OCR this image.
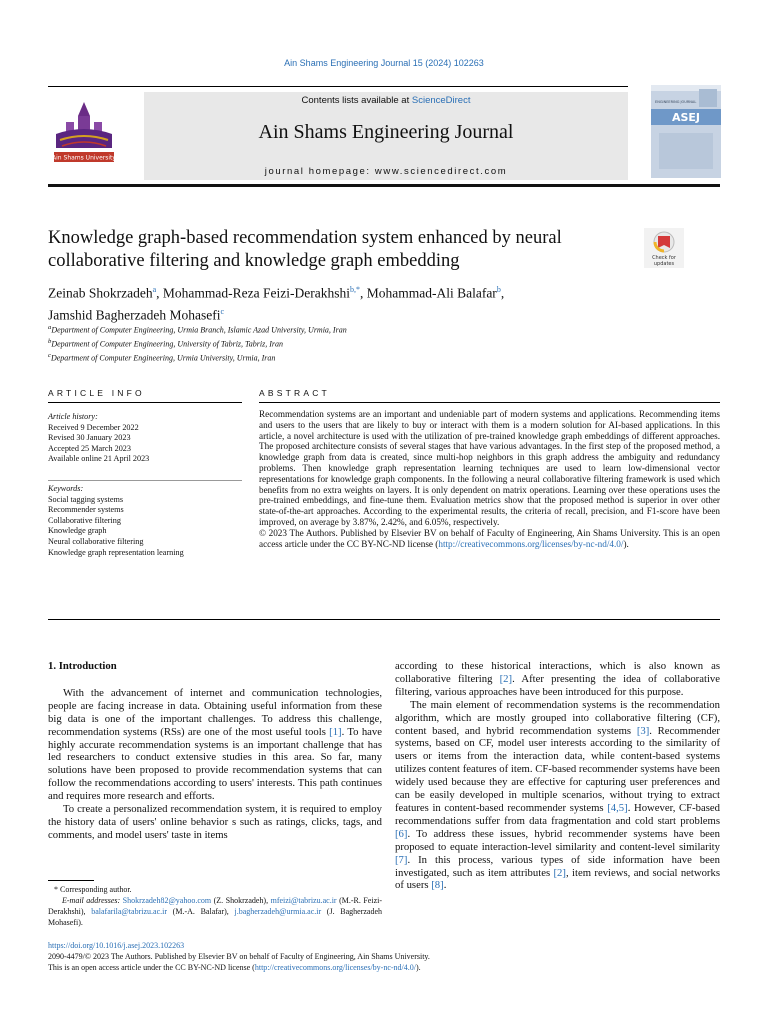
Ain Shams Engineering Journal 15 (2024) 102263
Ain Shams University
Contents lists available at ScienceDirect
Ain Shams Engineering Journal
journal homepage: www.sciencedirect.com
ENGINEERING JOURNAL
ASEJ
Knowledge graph-based recommendation system enhanced by neural collaborative filtering and knowledge graph embedding	Check for
updates
Zeinab Shokrzadeh$^a$, Mohammad-Reza Feizi-Derakhshi$^{b,*}$, Mohammad-Ali Balafar$^b$,
Jamshid Bagherzadeh Mohasefi$^c$
$^a$Department of Computer Engineering, Urmia Branch, Islamic Azad University, Urmia, Iran
$^b$Department of Computer Engineering, University of Tabriz, Tabriz, Iran
$^c$Department of Computer Engineering, Urmia University, Urmia, Iran
ARTICLE INFO	ABSTRACT
Article history:
Received 9 December 2022
Revised 30 January 2023
Accepted 25 March 2023
Available online 21 April 2023
Keywords:
Social tagging systems
Recommender systems
Collaborative filtering
Knowledge graph
Neural collaborative filtering
Knowledge graph representation learning
Recommendation systems are an important and undeniable part of modern systems and applications. Recommending items and users to the users that are likely to buy or interact with them is a modern solution for AI-based applications. In this article, a novel architecture is used with the utilization of pre-trained knowledge graph embeddings of different approaches. The proposed architecture consists of several stages that have various advantages. In the first step of the proposed method, a knowledge graph from data is created, since multi-hop neighbors in this graph address the ambiguity and redundancy problems. Then knowledge graph representation learning techniques are used to learn low-dimensional vector representations for knowledge graph components. In the following a neural collaborative filtering framework is used which benefits from no extra weights on layers. It is only dependent on matrix operations. Learning over these operations uses the pre-trained embeddings, and fine-tune them. Evaluation metrics show that the proposed method is superior in over other state-of-the-art approaches. According to the experimental results, the criteria of recall, precision, and F1-score have been improved, on average by 3.87%, 2.42%, and 6.05%, respectively.
© 2023 The Authors. Published by Elsevier BV on behalf of Faculty of Engineering, Ain Shams University. This is an open access article under the CC BY-NC-ND license (http://creativecommons.org/licenses/by-nc-nd/4.0/).
1. Introduction

With the advancement of internet and communication technologies, people are facing increase in data. Obtaining useful information from these big data is one of the important challenges. To address this challenge, recommendation systems (RSs) are one of the most useful tools [1]. To have highly accurate recommendation systems is an important challenge that has led researchers to conduct extensive studies in this area. So far, many solutions have been proposed to provide recommendation systems that can follow the recommendations according to users' interests. This path continues and requires more research and efforts.

To create a personalized recommendation system, it is required to employ the history data of users' online behavior s such as ratings, clicks, tags, and comments, and model users' taste in items

according to these historical interactions, which is also known as collaborative filtering [2]. After presenting the idea of collaborative filtering, various approaches have been introduced for this purpose.

The main element of recommendation systems is the recommendation algorithm, which are mostly grouped into collaborative filtering (CF), content based, and hybrid recommendation systems [3]. Recommender systems, based on CF, model user interests according to the similarity of users or items from the interaction data, while content-based systems utilizes content features of item. CF-based recommender systems have been widely used because they are effective for capturing user preferences and can be easily developed in multiple scenarios, without trying to extract features in content-based recommender systems [4,5]. However, CF-based recommendations suffer from data fragmentation and cold start problems [6]. To address these issues, hybrid recommender systems have been proposed to equate interaction-level similarity and content-level similarity [7]. In this process, various types of side information have been investigated, such as item attributes [2], item reviews, and social networks of users [8].

* Corresponding author.
E-mail addresses: Shokrzadeh82@yahoo.com (Z. Shokrzadeh), mfeizi@tabrizu.ac.ir (M.-R. Feizi-Derakhshi), balafarila@tabrizu.ac.ir (M.-A. Balafar), j.bagherzadeh@urmia.ac.ir (J. Bagherzadeh Mohasefi).
https://doi.org/10.1016/j.asej.2023.102263
2090-4479/© 2023 The Authors. Published by Elsevier BV on behalf of Faculty of Engineering, Ain Shams University.
This is an open access article under the CC BY-NC-ND license (http://creativecommons.org/licenses/by-nc-nd/4.0/).
